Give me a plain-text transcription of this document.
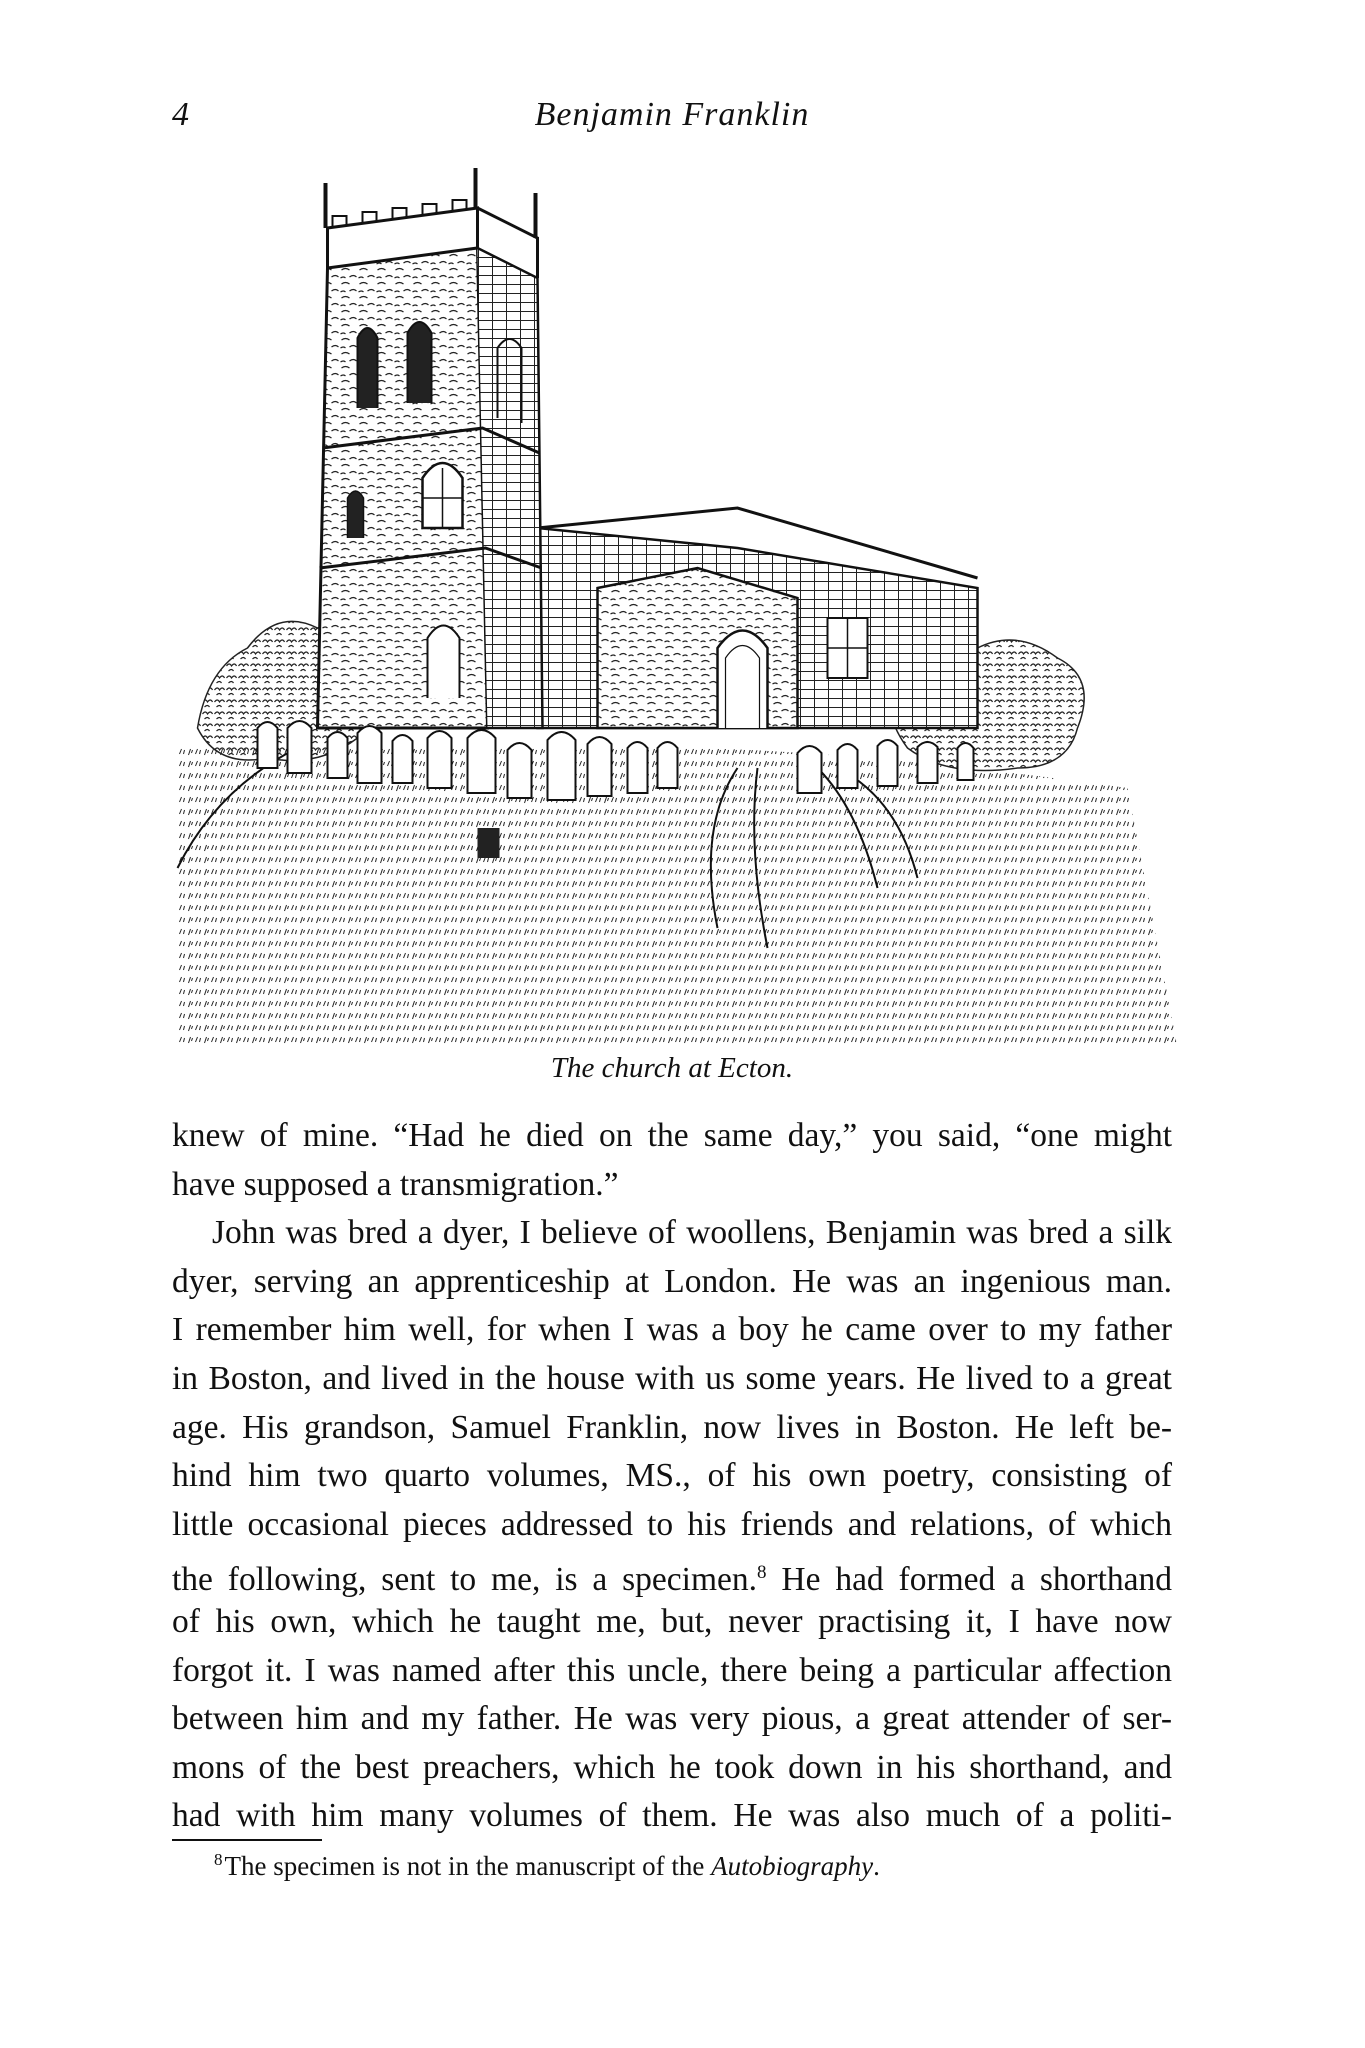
4	Benjamin Franklin
The church at Ecton.
knew of mine. “Had he died on the same day,” you said, “one might
have supposed a transmigration.”
John was bred a dyer, I believe of woollens, Benjamin was bred a silk
dyer, serving an apprenticeship at London. He was an ingenious man.
I remember him well, for when I was a boy he came over to my father
in Boston, and lived in the house with us some years. He lived to a great
age. His grandson, Samuel Franklin, now lives in Boston. He left be-
hind him two quarto volumes, MS., of his own poetry, consisting of
little occasional pieces addressed to his friends and relations, of which
the following, sent to me, is a specimen.$^8$ He had formed a shorthand
of his own, which he taught me, but, never practising it, I have now
forgot it. I was named after this uncle, there being a particular affection
between him and my father. He was very pious, a great attender of ser-
mons of the best preachers, which he took down in his shorthand, and
had with him many volumes of them. He was also much of a politi-
$^8$The specimen is not in the manuscript of the Autobiography.
